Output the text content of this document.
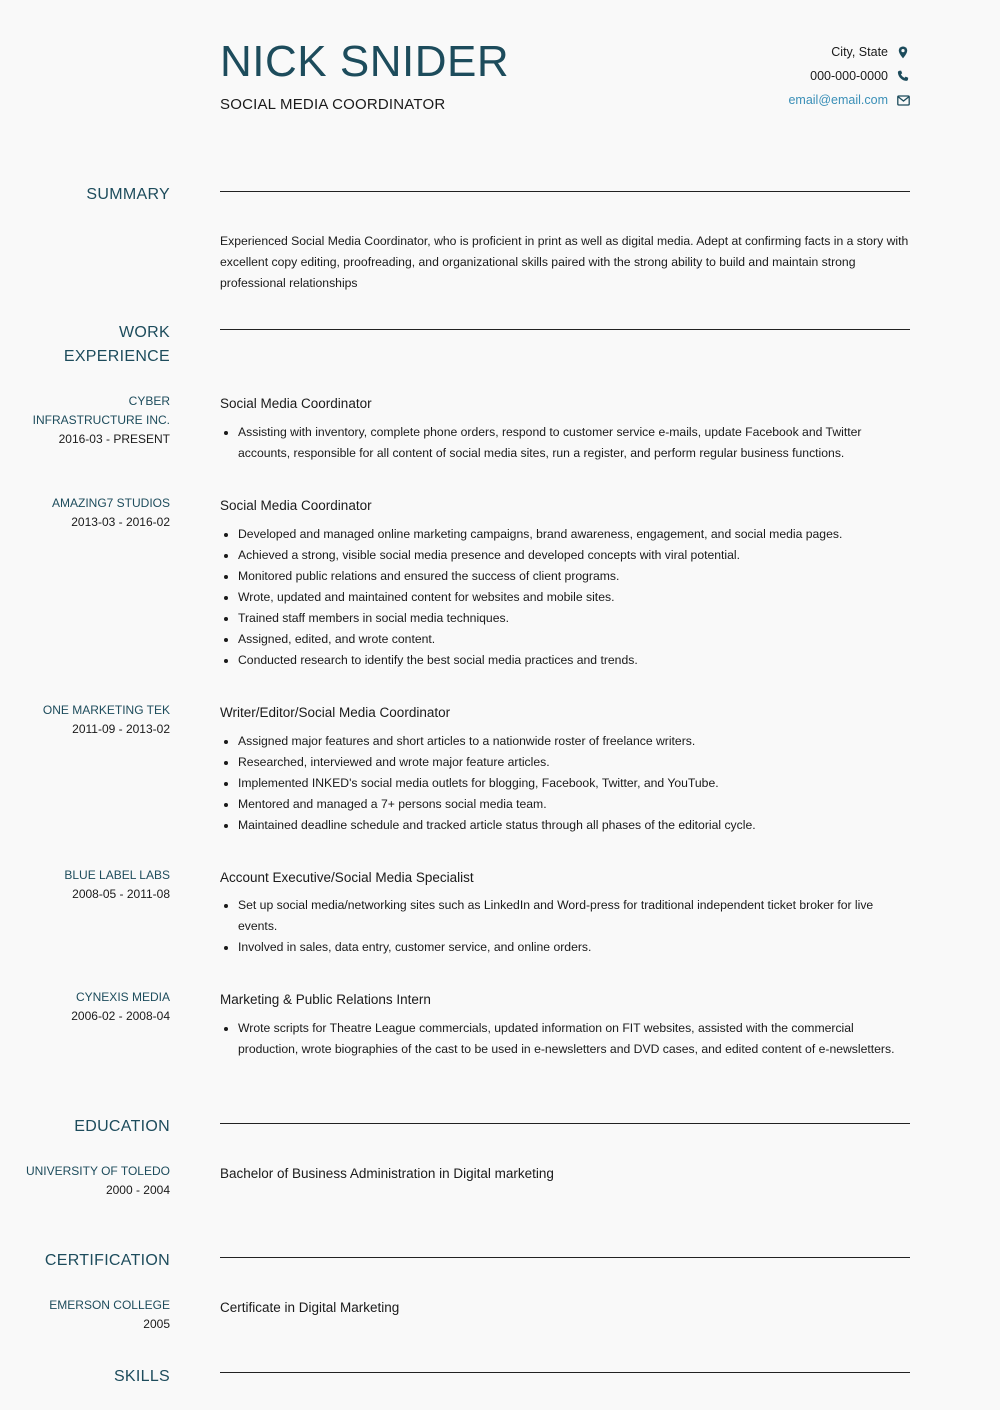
NICK SNIDER
SOCIAL MEDIA COORDINATOR
City, State
000-000-0000
email@email.com
SUMMARY
Experienced Social Media Coordinator, who is proficient in print as well as digital media. Adept at confirming facts in a story with excellent copy editing, proofreading, and organizational skills paired with the strong ability to build and maintain strong professional relationships
WORK
EXPERIENCE
CYBER INFRASTRUCTURE INC.
2016-03 - PRESENT
Social Media Coordinator
• Assisting with inventory, complete phone orders, respond to customer service e-mails, update Facebook and Twitter accounts, responsible for all content of social media sites, run a register, and perform regular business functions.
AMAZING7 STUDIOS
2013-03 - 2016-02
Social Media Coordinator
• Developed and managed online marketing campaigns, brand awareness, engagement, and social media pages.
• Achieved a strong, visible social media presence and developed concepts with viral potential.
• Monitored public relations and ensured the success of client programs.
• Wrote, updated and maintained content for websites and mobile sites.
• Trained staff members in social media techniques.
• Assigned, edited, and wrote content.
• Conducted research to identify the best social media practices and trends.
ONE MARKETING TEK
2011-09 - 2013-02
Writer/Editor/Social Media Coordinator
• Assigned major features and short articles to a nationwide roster of freelance writers.
• Researched, interviewed and wrote major feature articles.
• Implemented INKED's social media outlets for blogging, Facebook, Twitter, and YouTube.
• Mentored and managed a 7+ persons social media team.
• Maintained deadline schedule and tracked article status through all phases of the editorial cycle.
BLUE LABEL LABS
2008-05 - 2011-08
Account Executive/Social Media Specialist
• Set up social media/networking sites such as LinkedIn and Word-press for traditional independent ticket broker for live events.
• Involved in sales, data entry, customer service, and online orders.
CYNEXIS MEDIA
2006-02 - 2008-04
Marketing & Public Relations Intern
• Wrote scripts for Theatre League commercials, updated information on FIT websites, assisted with the commercial production, wrote biographies of the cast to be used in e-newsletters and DVD cases, and edited content of e-newsletters.
EDUCATION
UNIVERSITY OF TOLEDO
2000 - 2004
Bachelor of Business Administration in Digital marketing
CERTIFICATION
EMERSON COLLEGE
2005
Certificate in Digital Marketing
SKILLS
